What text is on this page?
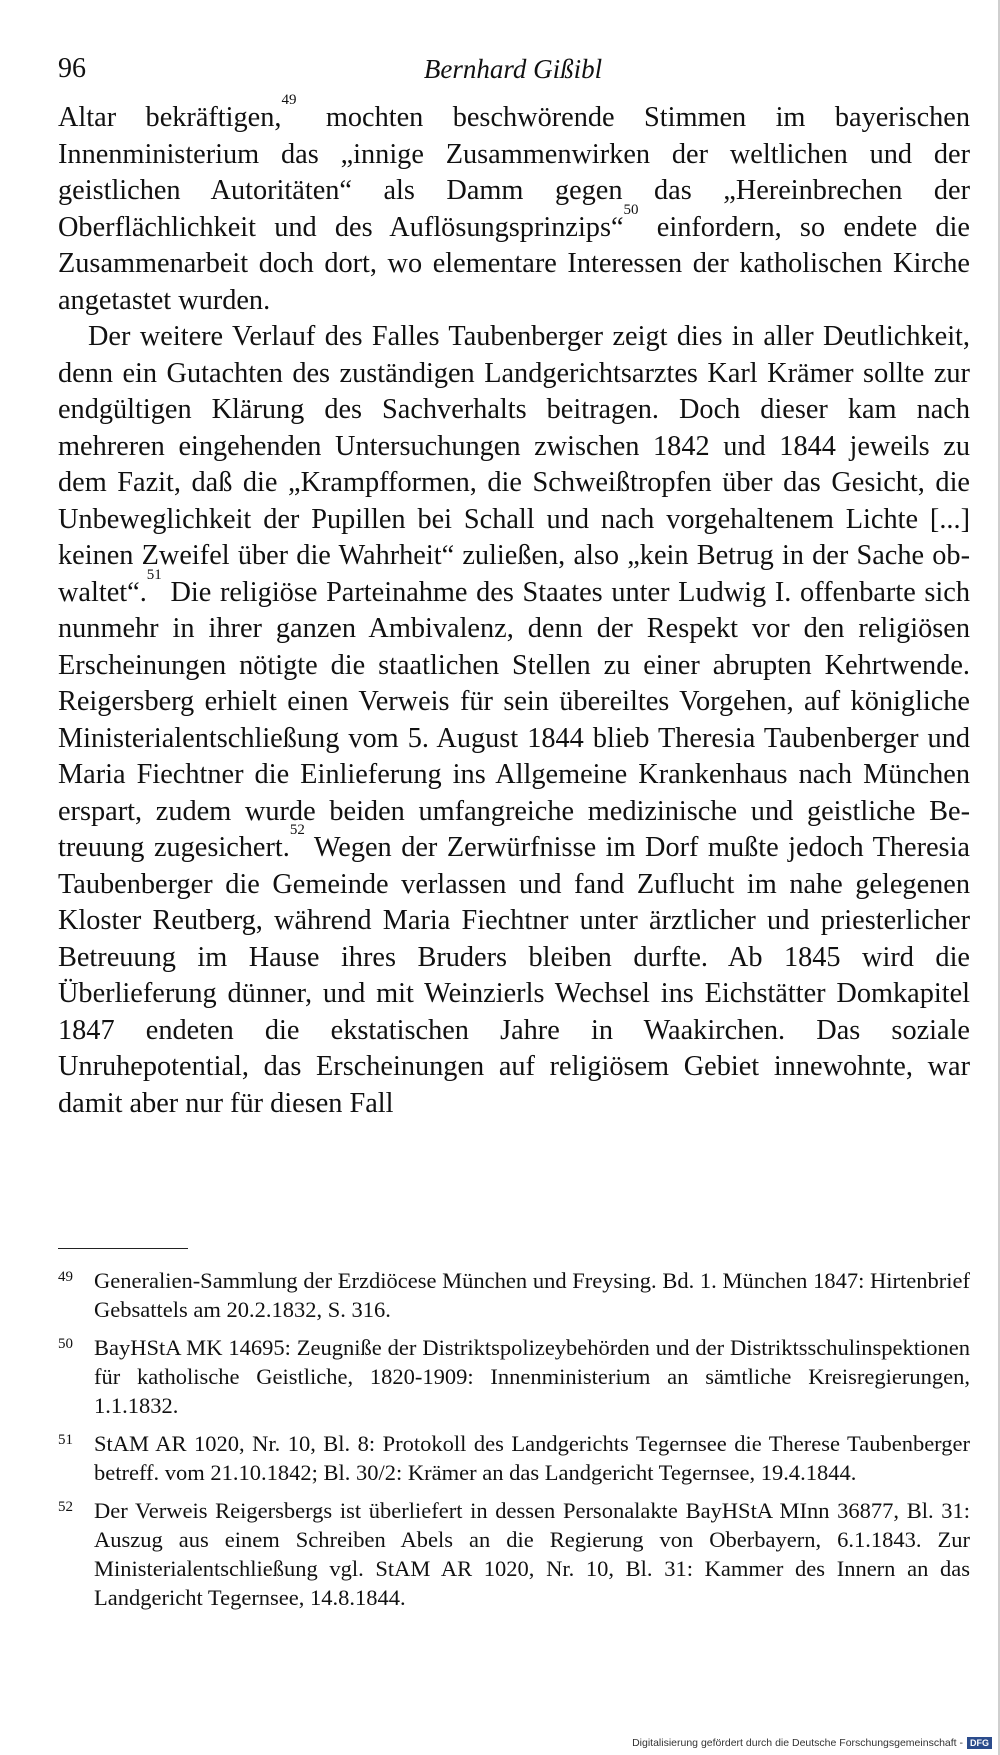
96	Bernhard Gißibl

Altar bekräftigen,$^{49}$ mochten beschwörende Stimmen im bayerischen Innenministerium das „innige Zusammenwirken der weltlichen und der geistlichen Autoritäten“ als Damm gegen das „Hereinbrechen der Oberflächlichkeit und des Auflösungsprinzips“$^{50}$ einfordern, so endete die Zusammenarbeit doch dort, wo elementare Interessen der katholischen Kirche angetastet wurden.

Der weitere Verlauf des Falles Taubenberger zeigt dies in aller Deutlichkeit, denn ein Gutachten des zuständigen Landgerichtsarztes Karl Krämer sollte zur endgültigen Klärung des Sachverhalts beitragen. Doch dieser kam nach mehreren eingehenden Untersuchungen zwischen 1842 und 1844 jeweils zu dem Fazit, daß die „Krampfformen, die Schweißtropfen über das Gesicht, die Unbeweglichkeit der Pupillen bei Schall und nach vorgehaltenem Lichte [...] keinen Zweifel über die Wahrheit“ zuließen, also „kein Betrug in der Sache obwaltet“.$^{51}$ Die religiöse Parteinahme des Staates unter Ludwig I. offenbarte sich nunmehr in ihrer ganzen Ambivalenz, denn der Respekt vor den religiösen Erscheinungen nötigte die staatlichen Stellen zu einer abrupten Kehrtwende. Reigersberg erhielt einen Verweis für sein übereiltes Vorgehen, auf königliche Ministerialentschließung vom 5. August 1844 blieb Theresia Taubenberger und Maria Fiechtner die Einlieferung ins Allgemeine Krankenhaus nach München erspart, zudem wurde beiden umfangreiche medizinische und geistliche Betreuung zugesichert.$^{52}$ Wegen der Zerwürfnisse im Dorf mußte jedoch Theresia Taubenberger die Gemeinde verlassen und fand Zuflucht im nahe gelegenen Kloster Reutberg, während Maria Fiechtner unter ärztlicher und priesterlicher Betreuung im Hause ihres Bruders bleiben durfte. Ab 1845 wird die Überlieferung dünner, und mit Weinzierls Wechsel ins Eichstätter Domkapitel 1847 endeten die ekstatischen Jahre in Waakirchen. Das soziale Unruhepotential, das Erscheinungen auf religiösem Gebiet innewohnte, war damit aber nur für diesen Fall

49 Generalien-Sammlung der Erzdiöcese München und Freysing. Bd. 1. München 1847: Hirtenbrief Gebsattels am 20.2.1832, S. 316.
50 BayHStA MK 14695: Zeugniße der Distriktspolizeybehörden und der Distriktsschulinspektionen für katholische Geistliche, 1820-1909: Innenministerium an sämtliche Kreisregierungen, 1.1.1832.
51 StAM AR 1020, Nr. 10, Bl. 8: Protokoll des Landgerichts Tegernsee die Therese Taubenberger betreff. vom 21.10.1842; Bl. 30/2: Krämer an das Landgericht Tegernsee, 19.4.1844.
52 Der Verweis Reigersbergs ist überliefert in dessen Personalakte BayHStA MInn 36877, Bl. 31: Auszug aus einem Schreiben Abels an die Regierung von Oberbayern, 6.1.1843. Zur Ministerialentschließung vgl. StAM AR 1020, Nr. 10, Bl. 31: Kammer des Innern an das Landgericht Tegernsee, 14.8.1844.
Digitalisierung gefördert durch die Deutsche Forschungsgemeinschaft - DFG
